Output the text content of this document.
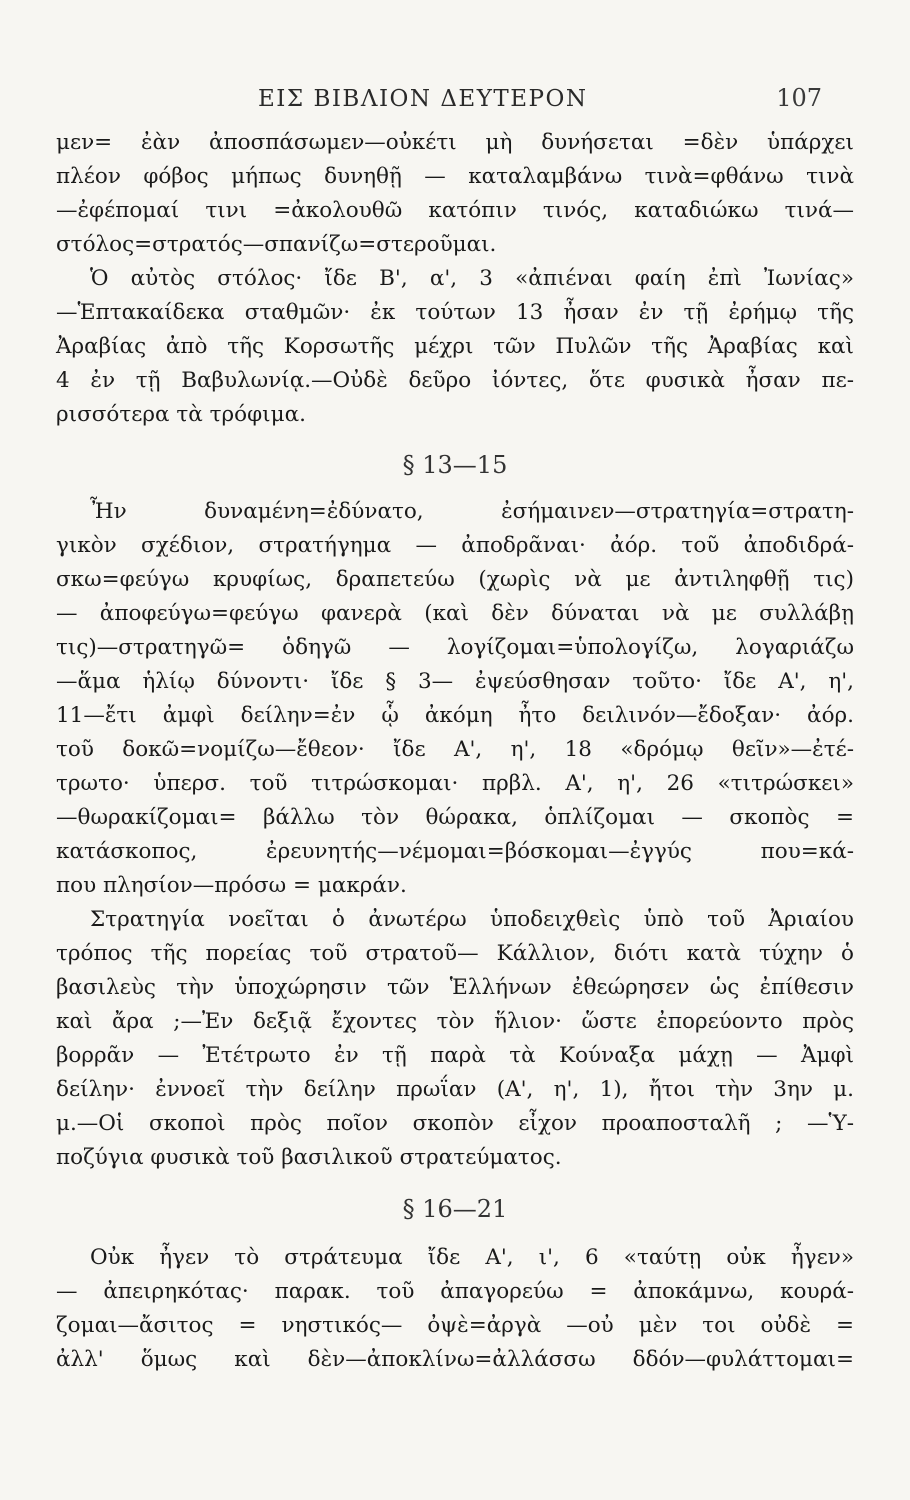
ΕΙΣ ΒΙΒΛΙΟΝ ΔΕΥΤΕΡΟΝ	107
μεν= ἐὰν ἀποσπάσωμεν—οὐκέτι μὴ δυνήσεται =δὲν ὑπάρχει
πλέον φόβος μήπως δυνηθῇ — καταλαμβάνω τινὰ=φθάνω τινὰ
—ἐφέπομαί τινι =ἀκολουθῶ κατόπιν τινός, καταδιώκω τινά—
στόλος=στρατός—σπανίζω=στεροῦμαι.
Ὁ αὐτὸς στόλος· ἴδε Β', α', 3 «ἀπιέναι φαίη ἐπὶ Ἰωνίας»
—Ἑπτακαίδεκα σταθμῶν· ἐκ τούτων 13 ἦσαν ἐν τῇ ἐρήμῳ τῆς
Ἀραβίας ἀπὸ τῆς Κορσωτῆς μέχρι τῶν Πυλῶν τῆς Ἀραβίας καὶ
4 ἐν τῇ Βαβυλωνίᾳ.—Οὐδὲ δεῦρο ἰόντες, ὅτε φυσικὰ ἦσαν πε-
ρισσότερα τὰ τρόφιμα.
§ 13—15
Ἦν δυναμένη=ἐδύνατο, ἐσήμαινεν—στρατηγία=στρατη-
γικὸν σχέδιον, στρατήγημα — ἀποδρᾶναι· ἀόρ. τοῦ ἀποδιδρά-
σκω=φεύγω κρυφίως, δραπετεύω (χωρὶς νὰ με ἀντιληφθῇ τις)
— ἀποφεύγω=φεύγω φανερὰ (καὶ δὲν δύναται νὰ με συλλάβῃ
τις)—στρατηγῶ= ὁδηγῶ — λογίζομαι=ὑπολογίζω, λογαριάζω
—ἅμα ἡλίῳ δύνοντι· ἴδε § 3— ἐψεύσθησαν τοῦτο· ἴδε Α', η',
11—ἔτι ἀμφὶ δείλην=ἐν ᾧ ἀκόμη ἦτο δειλινόν—ἔδοξαν· ἀόρ.
τοῦ δοκῶ=νομίζω—ἔθεον· ἴδε Α', η', 18 «δρόμῳ θεῖν»—ἐτέ-
τρωτο· ὑπερσ. τοῦ τιτρώσκομαι· πρβλ. Α', η', 26 «τιτρώσκει»
—θωρακίζομαι= βάλλω τὸν θώρακα, ὁπλίζομαι — σκοπὸς =
κατάσκοπος, ἐρευνητής—νέμομαι=βόσκομαι—ἐγγύς που=κά-
που πλησίον—πρόσω = μακράν.
Στρατηγία νοεῖται ὁ ἀνωτέρω ὑποδειχθεὶς ὑπὸ τοῦ Ἀριαίου
τρόπος τῆς πορείας τοῦ στρατοῦ— Κάλλιον, διότι κατὰ τύχην ὁ
βασιλεὺς τὴν ὑποχώρησιν τῶν Ἑλλήνων ἐθεώρησεν ὡς ἐπίθεσιν
καὶ ἄρα ;—Ἐν δεξιᾷ ἔχοντες τὸν ἥλιον· ὥστε ἐπορεύοντο πρὸς
βορρᾶν — Ἐτέτρωτο ἐν τῇ παρὰ τὰ Κούναξα μάχῃ — Ἀμφὶ
δείλην· ἐννοεῖ τὴν δείλην πρωΐαν (Α', η', 1), ἤτοι τὴν 3ην μ.
μ.—Οἱ σκοποὶ πρὸς ποῖον σκοπὸν εἶχον προαποσταλῆ ; —Ὑ-
ποζύγια φυσικὰ τοῦ βασιλικοῦ στρατεύματος.
§ 16—21
Οὐκ ἦγεν τὸ στράτευμα ἴδε Α', ι', 6 «ταύτῃ οὐκ ἦγεν»
— ἀπειρηκότας· παρακ. τοῦ ἀπαγορεύω = ἀποκάμνω, κουρά-
ζομαι—ἄσιτος = νηστικός— ὀψὲ=ἀργὰ —οὐ μὲν τοι οὐδὲ =
ἀλλ' ὅμως καὶ δὲν—ἀποκλίνω=ἀλλάσσω δδόν—φυλάττομαι=
